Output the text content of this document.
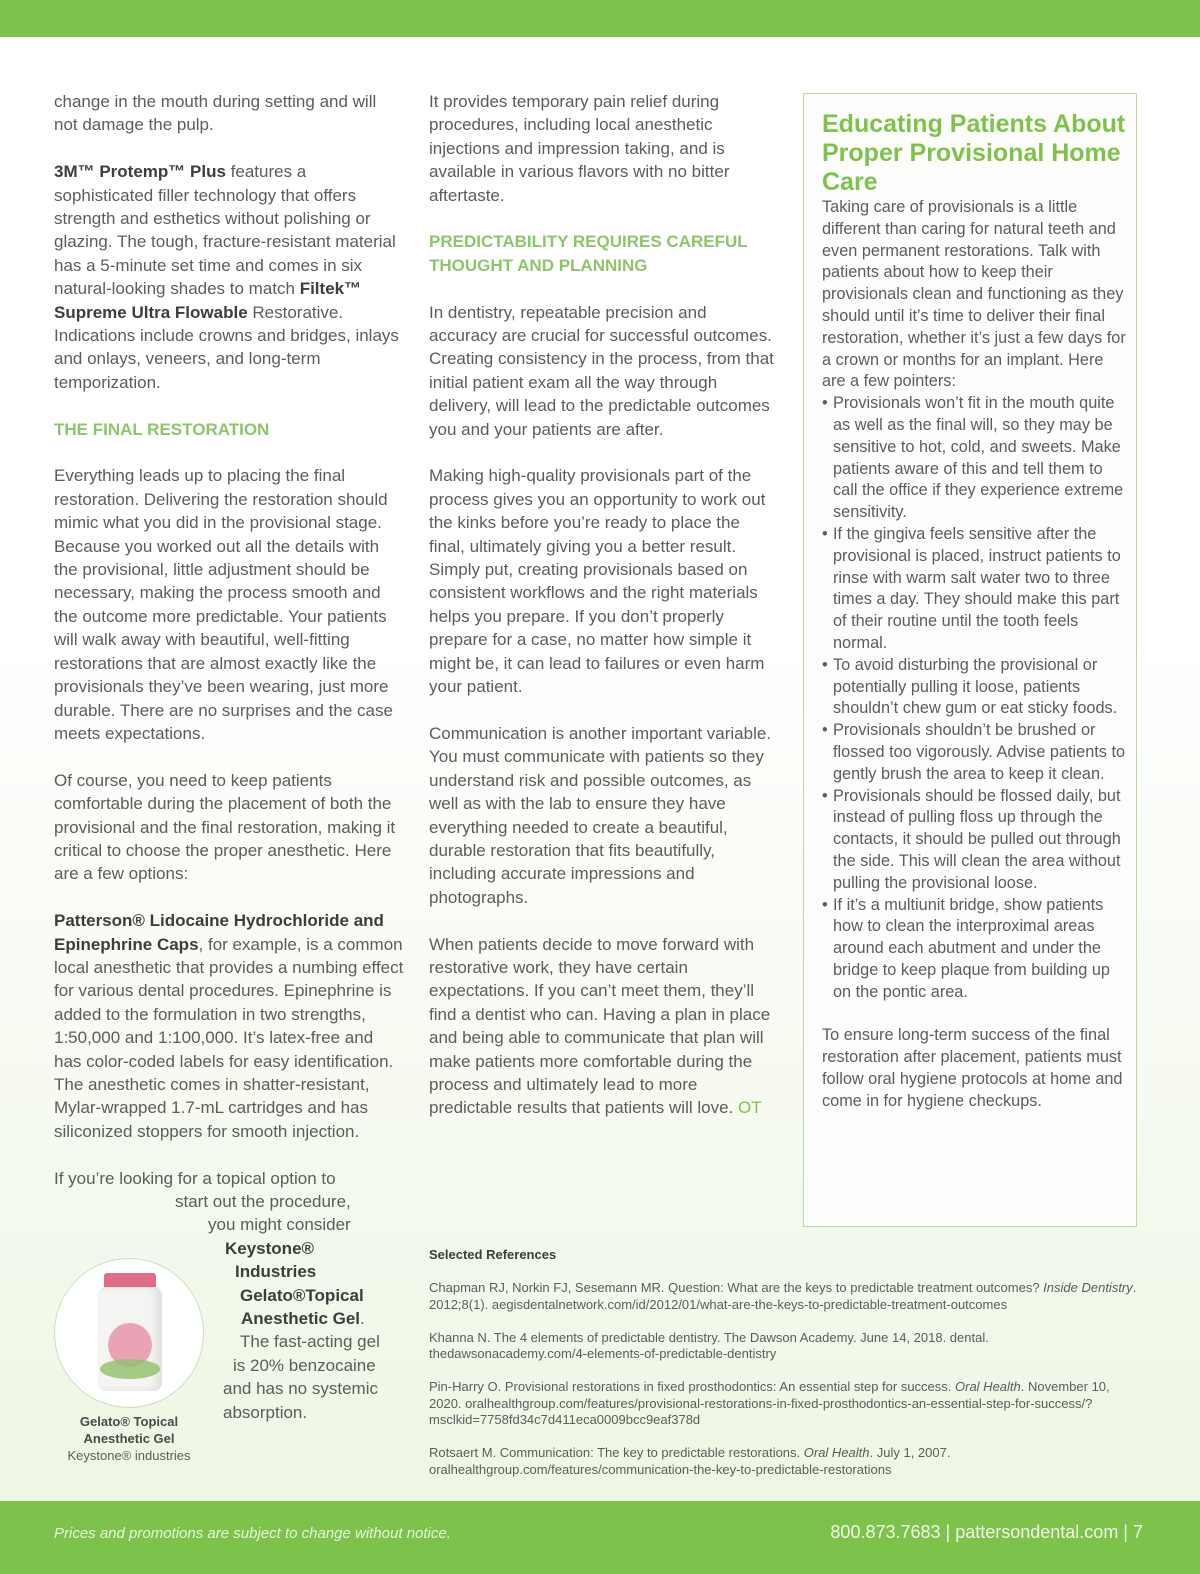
change in the mouth during setting and will not damage the pulp.

3M™ Protemp™ Plus features a sophisticated filler technology that offers strength and esthetics without polishing or glazing. The tough, fracture-resistant material has a 5-minute set time and comes in six natural-looking shades to match Filtek™ Supreme Ultra Flowable Restorative. Indications include crowns and bridges, inlays and onlays, veneers, and long-term temporization.

THE FINAL RESTORATION

Everything leads up to placing the final restoration. Delivering the restoration should mimic what you did in the provisional stage. Because you worked out all the details with the provisional, little adjustment should be necessary, making the process smooth and the outcome more predictable. Your patients will walk away with beautiful, well-fitting restorations that are almost exactly like the provisionals they’ve been wearing, just more durable. There are no surprises and the case meets expectations.

Of course, you need to keep patients comfortable during the placement of both the provisional and the final restoration, making it critical to choose the proper anesthetic. Here are a few options:

Patterson® Lidocaine Hydrochloride and Epinephrine Caps, for example, is a common local anesthetic that provides a numbing effect for various dental procedures. Epinephrine is added to the formulation in two strengths, 1:50,000 and 1:100,000. It’s latex-free and has color-coded labels for easy identification. The anesthetic comes in shatter-resistant, Mylar-wrapped 1.7-mL cartridges and has siliconized stoppers for smooth injection.

If you’re looking for a topical option to
start out the procedure,
you might consider
Keystone®
Industries
Gelato®Topical
Anesthetic Gel.
The fast-acting gel
is 20% benzocaine
and has no systemic
absorption.
Gelato® Topical Anesthetic Gel
Keystone® industries

It provides temporary pain relief during procedures, including local anesthetic injections and impression taking, and is available in various flavors with no bitter aftertaste.

PREDICTABILITY REQUIRES CAREFUL THOUGHT AND PLANNING

In dentistry, repeatable precision and accuracy are crucial for successful outcomes. Creating consistency in the process, from that initial patient exam all the way through delivery, will lead to the predictable outcomes you and your patients are after.

Making high-quality provisionals part of the process gives you an opportunity to work out the kinks before you’re ready to place the final, ultimately giving you a better result. Simply put, creating provisionals based on consistent workflows and the right materials helps you prepare. If you don’t properly prepare for a case, no matter how simple it might be, it can lead to failures or even harm your patient.

Communication is another important variable. You must communicate with patients so they understand risk and possible outcomes, as well as with the lab to ensure they have everything needed to create a beautiful, durable restoration that fits beautifully, including accurate impressions and photographs.

When patients decide to move forward with restorative work, they have certain expectations. If you can’t meet them, they’ll find a dentist who can. Having a plan in place and being able to communicate that plan will make patients more comfortable during the process and ultimately lead to more predictable results that patients will love. OT

Educating Patients About Proper Provisional Home Care

Taking care of provisionals is a little different than caring for natural teeth and even permanent restorations. Talk with patients about how to keep their provisionals clean and functioning as they should until it’s time to deliver their final restoration, whether it’s just a few days for a crown or months for an implant. Here are a few pointers:

• Provisionals won’t fit in the mouth quite as well as the final will, so they may be sensitive to hot, cold, and sweets. Make patients aware of this and tell them to call the office if they experience extreme sensitivity.
• If the gingiva feels sensitive after the provisional is placed, instruct patients to rinse with warm salt water two to three times a day. They should make this part of their routine until the tooth feels normal.
• To avoid disturbing the provisional or potentially pulling it loose, patients shouldn’t chew gum or eat sticky foods.
• Provisionals shouldn’t be brushed or flossed too vigorously. Advise patients to gently brush the area to keep it clean.
• Provisionals should be flossed daily, but instead of pulling floss up through the contacts, it should be pulled out through the side. This will clean the area without pulling the provisional loose.
• If it’s a multiunit bridge, show patients how to clean the interproximal areas around each abutment and under the bridge to keep plaque from building up on the pontic area.

To ensure long-term success of the final restoration after placement, patients must follow oral hygiene protocols at home and come in for hygiene checkups.

Selected References

Chapman RJ, Norkin FJ, Sesemann MR. Question: What are the keys to predictable treatment outcomes? Inside Dentistry. 2012;8(1). aegisdentalnetwork.com/id/2012/01/what-are-the-keys-to-predictable-treatment-outcomes

Khanna N. The 4 elements of predictable dentistry. The Dawson Academy. June 14, 2018. dental. thedawsonacademy.com/4-elements-of-predictable-dentistry

Pin-Harry O. Provisional restorations in fixed prosthodontics: An essential step for success. Oral Health. November 10, 2020. oralhealthgroup.com/features/provisional-restorations-in-fixed-prosthodontics-an-essential-step-for-success/?msclkid=7758fd34c7d411eca0009bcc9eaf378d

Rotsaert M. Communication: The key to predictable restorations. Oral Health. July 1, 2007. oralhealthgroup.com/features/communication-the-key-to-predictable-restorations

Prices and promotions are subject to change without notice.	800.873.7683 | pattersondental.com | 7
